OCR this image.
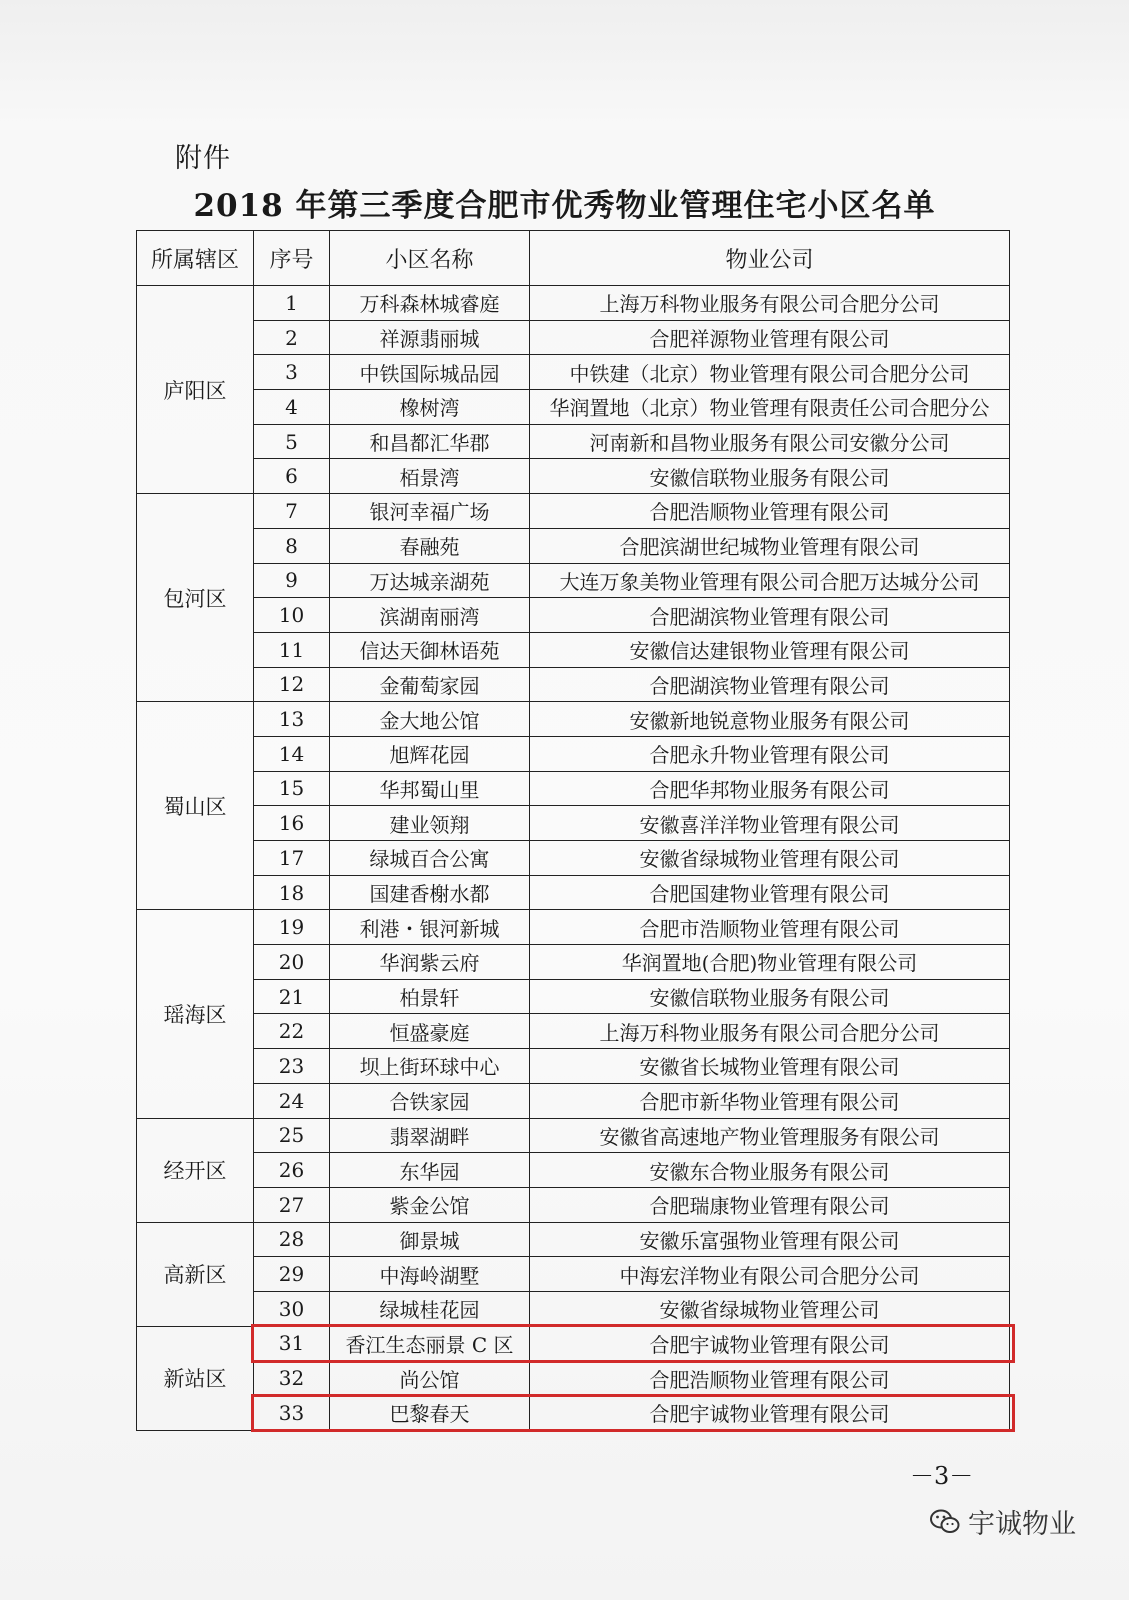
附件
2018 年第三季度合肥市优秀物业管理住宅小区名单
所属辖区	序号	小区名称	物业公司
庐阳区	1	万科森林城睿庭	上海万科物业服务有限公司合肥分公司
	2	祥源翡丽城	合肥祥源物业管理有限公司
	3	中铁国际城品园	中铁建（北京）物业管理有限公司合肥分公司
	4	橡树湾	华润置地（北京）物业管理有限责任公司合肥分公
	5	和昌都汇华郡	河南新和昌物业服务有限公司安徽分公司
	6	栢景湾	安徽信联物业服务有限公司
包河区	7	银河幸福广场	合肥浩顺物业管理有限公司
	8	春融苑	合肥滨湖世纪城物业管理有限公司
	9	万达城亲湖苑	大连万象美物业管理有限公司合肥万达城分公司
	10	滨湖南丽湾	合肥湖滨物业管理有限公司
	11	信达天御林语苑	安徽信达建银物业管理有限公司
	12	金葡萄家园	合肥湖滨物业管理有限公司
蜀山区	13	金大地公馆	安徽新地锐意物业服务有限公司
	14	旭辉花园	合肥永升物业管理有限公司
	15	华邦蜀山里	合肥华邦物业服务有限公司
	16	建业领翔	安徽喜洋洋物业管理有限公司
	17	绿城百合公寓	安徽省绿城物业管理有限公司
	18	国建香榭水都	合肥国建物业管理有限公司
瑶海区	19	利港・银河新城	合肥市浩顺物业管理有限公司
	20	华润紫云府	华润置地(合肥)物业管理有限公司
	21	柏景轩	安徽信联物业服务有限公司
	22	恒盛豪庭	上海万科物业服务有限公司合肥分公司
	23	坝上街环球中心	安徽省长城物业管理有限公司
	24	合铁家园	合肥市新华物业管理有限公司
经开区	25	翡翠湖畔	安徽省高速地产物业管理服务有限公司
	26	东华园	安徽东合物业服务有限公司
	27	紫金公馆	合肥瑞康物业管理有限公司
高新区	28	御景城	安徽乐富强物业管理有限公司
	29	中海岭湖墅	中海宏洋物业有限公司合肥分公司
	30	绿城桂花园	安徽省绿城物业管理公司
新站区	31	香江生态丽景 C 区	合肥宇诚物业管理有限公司
	32	尚公馆	合肥浩顺物业管理有限公司
	33	巴黎春天	合肥宇诚物业管理有限公司
－3－
宇诚物业
